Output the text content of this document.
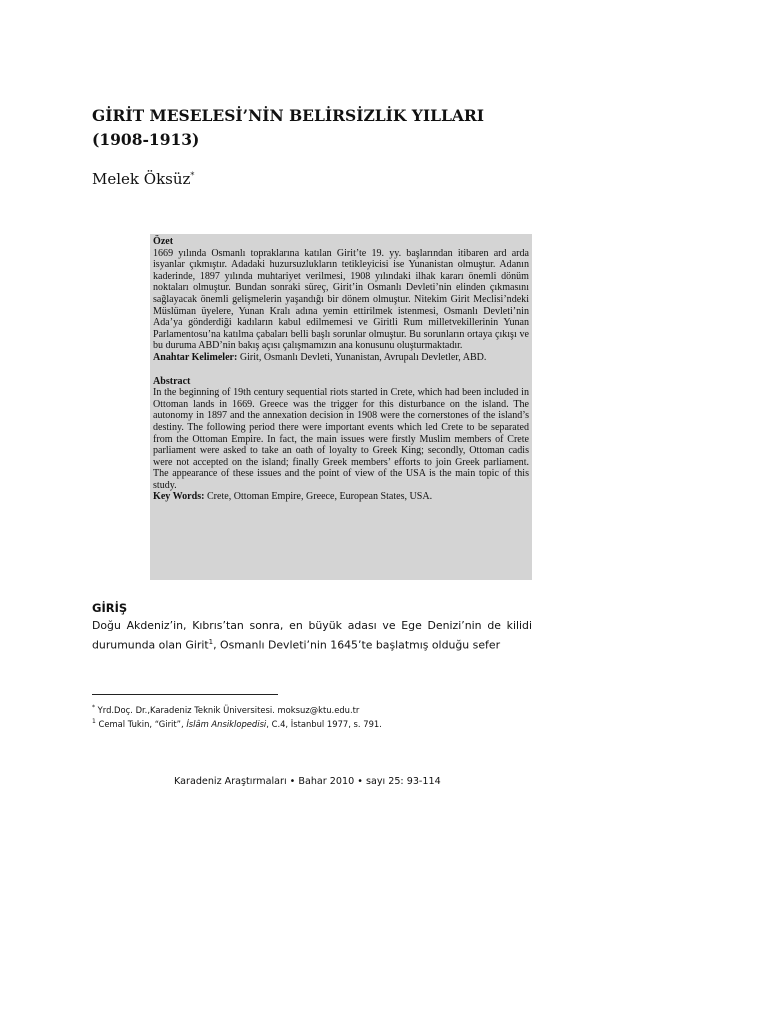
GİRİT MESELESİ’NİN BELİRSİZLİK YILLARI
(1908-1913)
Melek Öksüz*

Özet

1669 yılında Osmanlı topraklarına katılan Girit’te 19. yy. başlarından itibaren ard arda isyanlar çıkmıştır. Adadaki huzursuzlukların tetikleyicisi ise Yunanistan olmuştur. Adanın kaderinde, 1897 yılında muhtariyet verilmesi, 1908 yılındaki ilhak kararı önemli dönüm noktaları olmuştur. Bundan sonraki süreç, Girit’in Osmanlı Devleti’nin elinden çıkmasını sağlayacak önemli gelişmelerin yaşandığı bir dönem olmuştur. Nitekim Girit Meclisi’ndeki Müslüman üyelere, Yunan Kralı adına yemin ettirilmek istenmesi, Osmanlı Devleti’nin Ada’ya gönderdiği kadıların kabul edilmemesi ve Giritli Rum milletvekillerinin Yunan Parlamentosu’na katılma çabaları belli başlı sorunlar olmuştur. Bu sorunların ortaya çıkışı ve bu duruma ABD’nin bakış açısı çalışmamızın ana konusunu oluşturmaktadır.

Anahtar Kelimeler: Girit, Osmanlı Devleti, Yunanistan, Avrupalı Devletler, ABD.

Abstract

In the beginning of 19th century sequential riots started in Crete, which had been included in Ottoman lands in 1669. Greece was the trigger for this disturbance on the island. The autonomy in 1897 and the annexation decision in 1908 were the cornerstones of the island’s destiny. The following period there were important events which led Crete to be separated from the Ottoman Empire. In fact, the main issues were firstly Muslim members of Crete parliament were asked to take an oath of loyalty to Greek King; secondly, Ottoman cadis were not accepted on the island; finally Greek members’ efforts to join Greek parliament. The appearance of these issues and the point of view of the USA is the main topic of this study.

Key Words: Crete, Ottoman Empire, Greece, European States, USA.

GİRİŞ

Doğu Akdeniz’in, Kıbrıs’tan sonra, en büyük adası ve Ege Denizi’nin de kilidi durumunda olan Girit$^1$, Osmanlı Devleti’nin 1645’te başlatmış olduğu sefer

* Yrd.Doç. Dr.,Karadeniz Teknik Üniversitesi. moksuz@ktu.edu.tr

$^1$ Cemal Tukin, “Girit”, İslâm Ansiklopedisi, C.4, İstanbul 1977, s. 791.

Karadeniz Araştırmaları • Bahar 2010 • sayı 25: 93-114
